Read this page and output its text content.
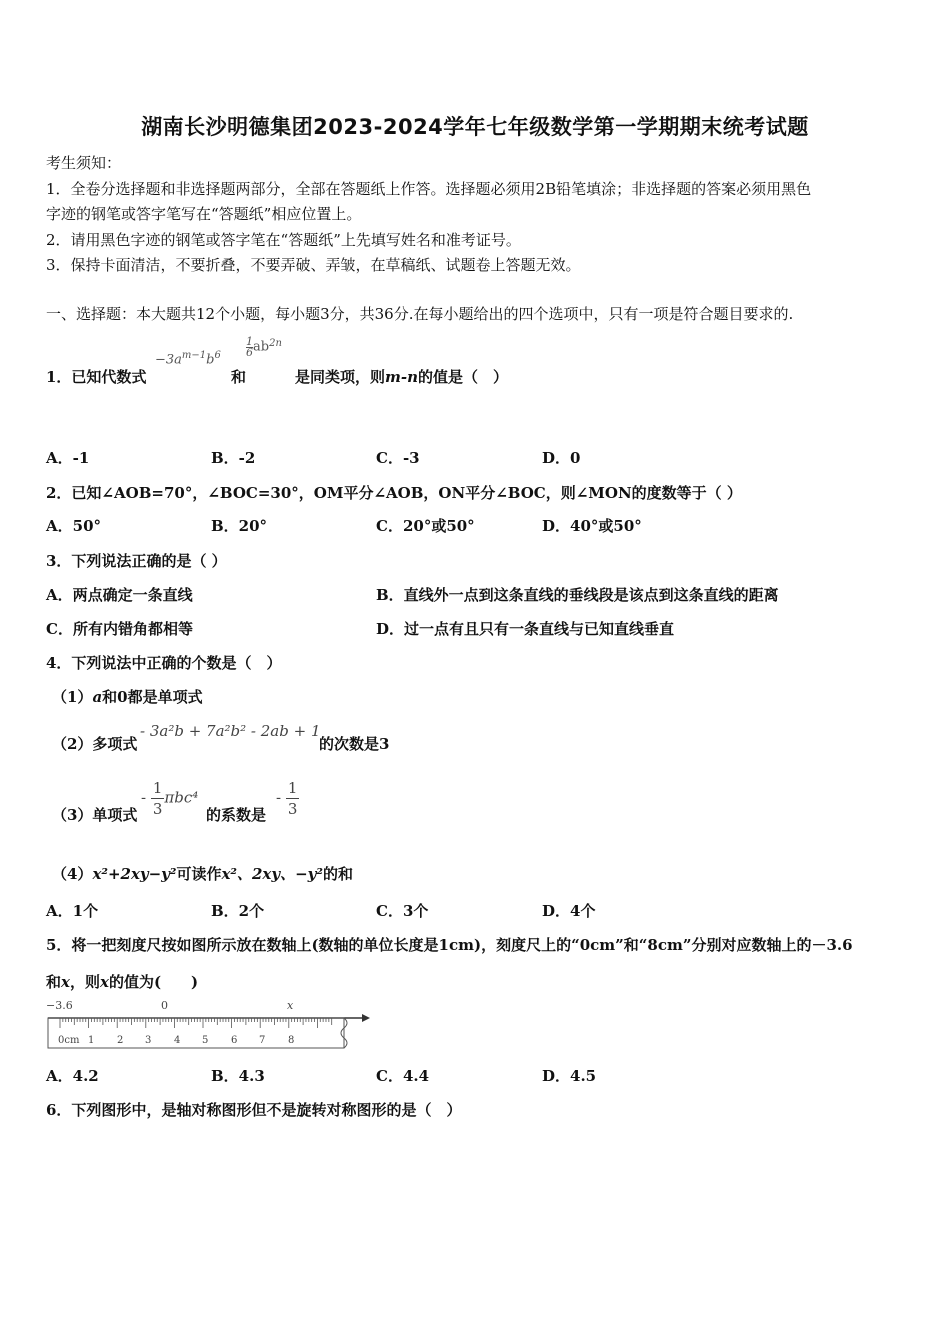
湖南长沙明德集团2023-2024学年七年级数学第一学期期末统考试题
考生须知：
1．全卷分选择题和非选择题两部分，全部在答题纸上作答。选择题必须用2B铅笔填涂；非选择题的答案必须用黑色
字迹的钢笔或答字笔写在“答题纸”相应位置上。
2．请用黑色字迹的钢笔或答字笔在“答题纸”上先填写姓名和准考证号。
3．保持卡面清洁，不要折叠，不要弄破、弄皱，在草稿纸、试题卷上答题无效。
一、选择题：本大题共12个小题，每小题3分，共36分.在每小题给出的四个选项中，只有一项是符合题目要求的.
1．已知代数式
$-3a^{m-1}b^6$
和
$\frac{1}{6} ab^{2n}$
是同类项，则m-n的值是（　）
A．-1	B．-2	C．-3	D．0
2．已知∠AOB=70°，∠BOC=30°，OM平分∠AOB，ON平分∠BOC，则∠MON的度数等于（ ）
A．50°	B．20°	C．20°或50°	D．40°或50°
3．下列说法正确的是（ ）
A．两点确定一条直线	B．直线外一点到这条直线的垂线段是该点到这条直线的距离
C．所有内错角都相等	D．过一点有且只有一条直线与已知直线垂直
4．下列说法中正确的个数是（　）
（1）a和0都是单项式
（2）多项式
- 3a²b + 7a²b² - 2ab + 1
的次数是3
（3）单项式
- $\frac{1}{3} \pi bc^4$
的系数是
- $\frac{1}{3}$
（4）x²+2xy−y²可读作x²、2xy、−y²的和
A．1个	B．2个	C．3个	D．4个
5．将一把刻度尺按如图所示放在数轴上(数轴的单位长度是1cm)，刻度尺上的“0cm”和“8cm”分别对应数轴上的－3.6
和x，则x的值为(　　)
−3.6	0	x
0cm 1 2 3 4 5 6 7 8
A．4.2	B．4.3	C．4.4	D．4.5
6．下列图形中，是轴对称图形但不是旋转对称图形的是（　）
